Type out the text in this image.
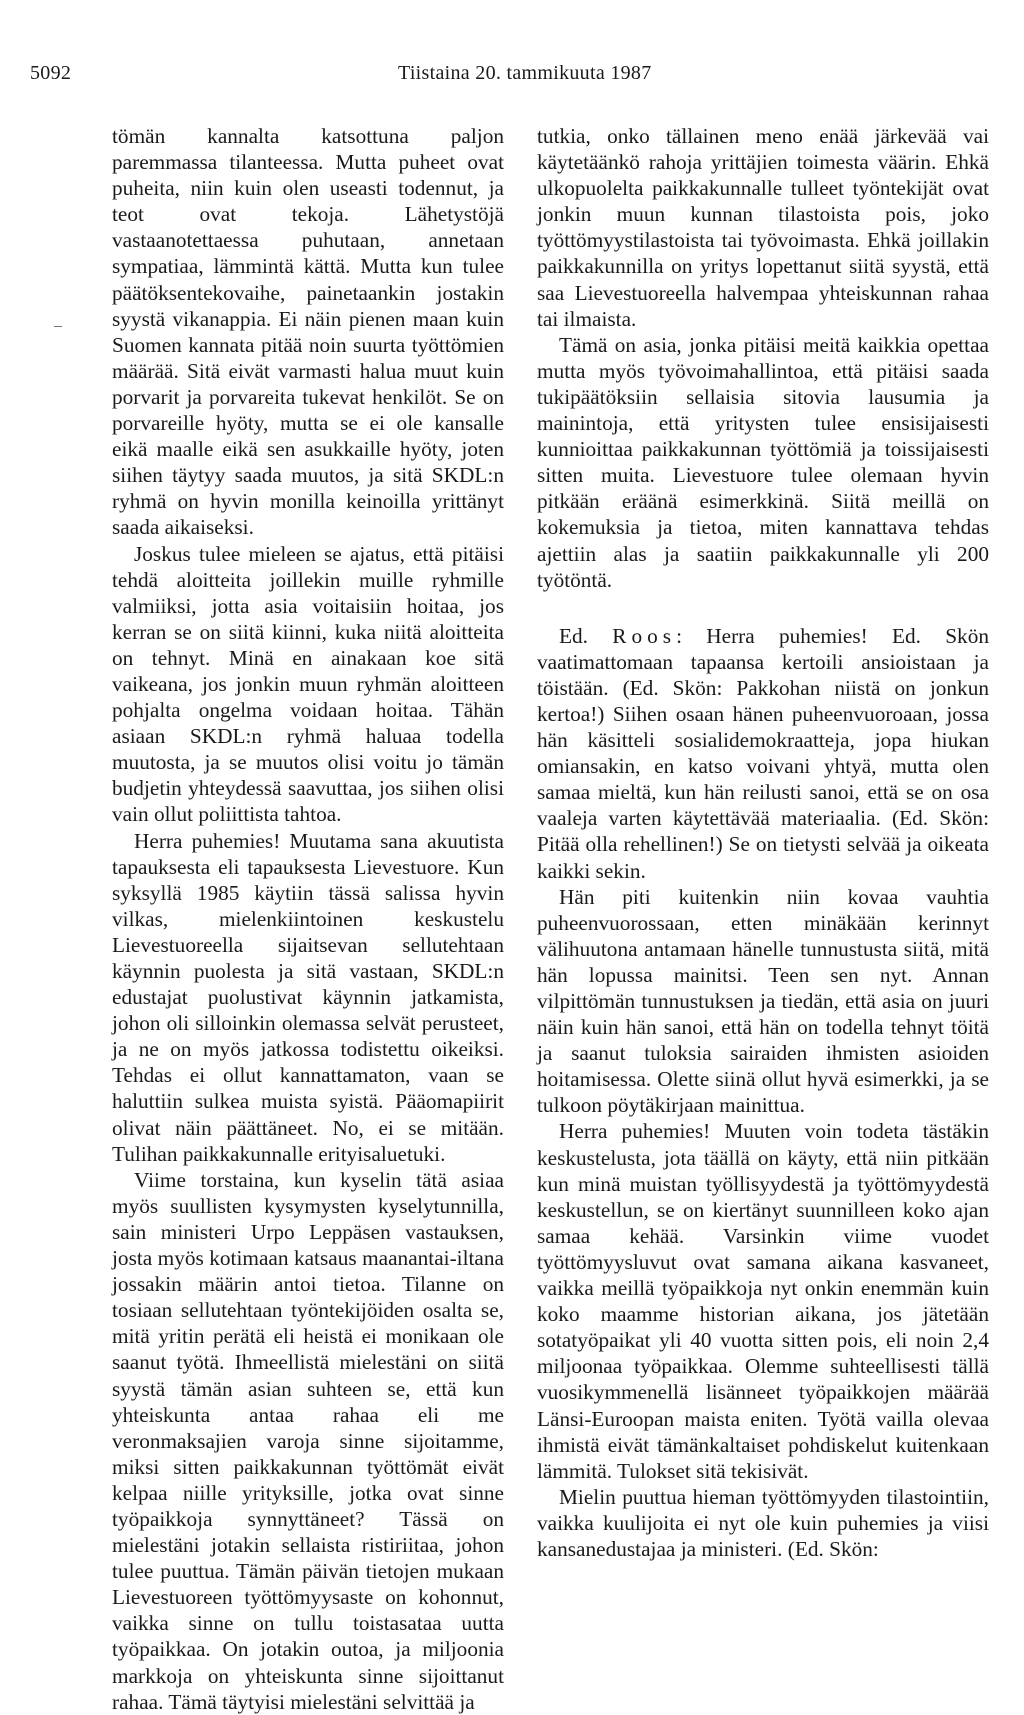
5092	Tiistaina 20. tammikuuta 1987

tömän kannalta katsottuna paljon paremmassa tilanteessa. Mutta puheet ovat puheita, niin kuin olen useasti todennut, ja teot ovat tekoja. Lähetystöjä vastaanotettaessa puhutaan, annetaan sympatiaa, lämmintä kättä. Mutta kun tulee päätöksentekovaihe, painetaankin jostakin syystä vikanappia. Ei näin pienen maan kuin Suomen kannata pitää noin suurta työttömien määrää. Sitä eivät varmasti halua muut kuin porvarit ja porvareita tukevat henkilöt. Se on porvareille hyöty, mutta se ei ole kansalle eikä maalle eikä sen asukkaille hyöty, joten siihen täytyy saada muutos, ja sitä SKDL:n ryhmä on hyvin monilla keinoilla yrittänyt saada aikaiseksi.

Joskus tulee mieleen se ajatus, että pitäisi tehdä aloitteita joillekin muille ryhmille valmiiksi, jotta asia voitaisiin hoitaa, jos kerran se on siitä kiinni, kuka niitä aloitteita on tehnyt. Minä en ainakaan koe sitä vaikeana, jos jonkin muun ryhmän aloitteen pohjalta ongelma voidaan hoitaa. Tähän asiaan SKDL:n ryhmä haluaa todella muutosta, ja se muutos olisi voitu jo tämän budjetin yhteydessä saavuttaa, jos siihen olisi vain ollut poliittista tahtoa.

Herra puhemies! Muutama sana akuutista tapauksesta eli tapauksesta Lievestuore. Kun syksyllä 1985 käytiin tässä salissa hyvin vilkas, mielenkiintoinen keskustelu Lievestuoreella sijaitsevan sellutehtaan käynnin puolesta ja sitä vastaan, SKDL:n edustajat puolustivat käynnin jatkamista, johon oli silloinkin olemassa selvät perusteet, ja ne on myös jatkossa todistettu oikeiksi. Tehdas ei ollut kannattamaton, vaan se haluttiin sulkea muista syistä. Pääomapiirit olivat näin päättäneet. No, ei se mitään. Tulihan paikkakunnalle erityisaluetuki.

Viime torstaina, kun kyselin tätä asiaa myös suullisten kysymysten kyselytunnilla, sain ministeri Urpo Leppäsen vastauksen, josta myös kotimaan katsaus maanantai-iltana jossakin määrin antoi tietoa. Tilanne on tosiaan sellutehtaan työntekijöiden osalta se, mitä yritin perätä eli heistä ei monikaan ole saanut työtä. Ihmeellistä mielestäni on siitä syystä tämän asian suhteen se, että kun yhteiskunta antaa rahaa eli me veronmaksajien varoja sinne sijoitamme, miksi sitten paikkakunnan työttömät eivät kelpaa niille yrityksille, jotka ovat sinne työpaikkoja synnyttäneet? Tässä on mielestäni jotakin sellaista ristiriitaa, johon tulee puuttua. Tämän päivän tietojen mukaan Lievestuoreen työttömyysaste on kohonnut, vaikka sinne on tullu toistasataa uutta työpaikkaa. On jotakin outoa, ja miljoonia markkoja on yhteiskunta sinne sijoittanut rahaa. Tämä täytyisi mielestäni selvittää ja

tutkia, onko tällainen meno enää järkevää vai käytetäänkö rahoja yrittäjien toimesta väärin. Ehkä ulkopuolelta paikkakunnalle tulleet työntekijät ovat jonkin muun kunnan tilastoista pois, joko työttömyystilastoista tai työvoimasta. Ehkä joillakin paikkakunnilla on yritys lopettanut siitä syystä, että saa Lievestuoreella halvempaa yhteiskunnan rahaa tai ilmaista.

Tämä on asia, jonka pitäisi meitä kaikkia opettaa mutta myös työvoimahallintoa, että pitäisi saada tukipäätöksiin sellaisia sitovia lausumia ja mainintoja, että yritysten tulee ensisijaisesti kunnioittaa paikkakunnan työttömiä ja toissijaisesti sitten muita. Lievestuore tulee olemaan hyvin pitkään eräänä esimerkkinä. Siitä meillä on kokemuksia ja tietoa, miten kannattava tehdas ajettiin alas ja saatiin paikkakunnalle yli 200 työtöntä.

Ed. Roos: Herra puhemies! Ed. Skön vaatimattomaan tapaansa kertoili ansioistaan ja töistään. (Ed. Skön: Pakkohan niistä on jonkun kertoa!) Siihen osaan hänen puheenvuoroaan, jossa hän käsitteli sosialidemokraatteja, jopa hiukan omiansakin, en katso voivani yhtyä, mutta olen samaa mieltä, kun hän reilusti sanoi, että se on osa vaaleja varten käytettävää materiaalia. (Ed. Skön: Pitää olla rehellinen!) Se on tietysti selvää ja oikeata kaikki sekin.

Hän piti kuitenkin niin kovaa vauhtia puheenvuorossaan, etten minäkään kerinnyt välihuutona antamaan hänelle tunnustusta siitä, mitä hän lopussa mainitsi. Teen sen nyt. Annan vilpittömän tunnustuksen ja tiedän, että asia on juuri näin kuin hän sanoi, että hän on todella tehnyt töitä ja saanut tuloksia sairaiden ihmisten asioiden hoitamisessa. Olette siinä ollut hyvä esimerkki, ja se tulkoon pöytäkirjaan mainittua.

Herra puhemies! Muuten voin todeta tästäkin keskustelusta, jota täällä on käyty, että niin pitkään kun minä muistan työllisyydestä ja työttömyydestä keskustellun, se on kiertänyt suunnilleen koko ajan samaa kehää. Varsinkin viime vuodet työttömyysluvut ovat samana aikana kasvaneet, vaikka meillä työpaikkoja nyt onkin enemmän kuin koko maamme historian aikana, jos jätetään sotatyöpaikat yli 40 vuotta sitten pois, eli noin 2,4 miljoonaa työpaikkaa. Olemme suhteellisesti tällä vuosikymmenellä lisänneet työpaikkojen määrää Länsi-Euroopan maista eniten. Työtä vailla olevaa ihmistä eivät tämänkaltaiset pohdiskelut kuitenkaan lämmitä. Tulokset sitä tekisivät.

Mielin puuttua hieman työttömyyden tilastointiin, vaikka kuulijoita ei nyt ole kuin puhemies ja viisi kansanedustajaa ja ministeri. (Ed. Skön:
